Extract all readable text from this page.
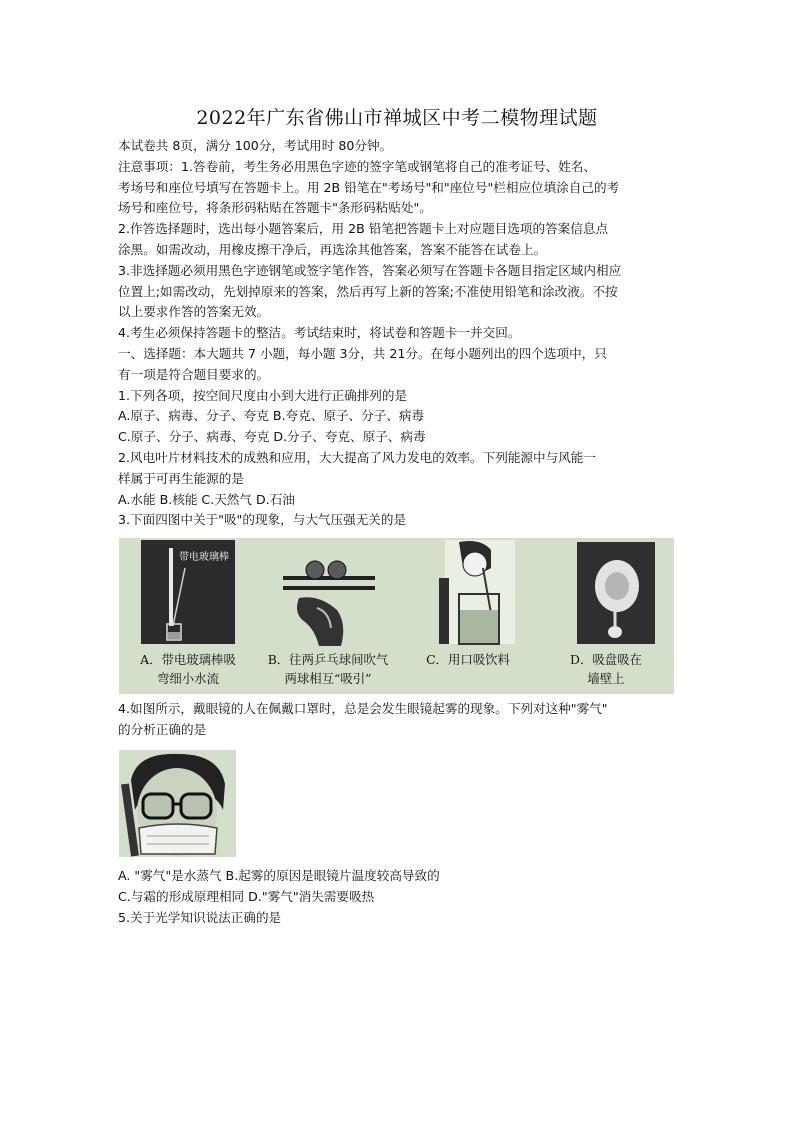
2022年广东省佛山市禅城区中考二模物理试题
本试卷共 8页，满分 100分，考试用时 80分钟。
注意事项：1.答卷前，考生务必用黑色字迹的签字笔或钢笔将自己的准考证号、姓名、
考场号和座位号填写在答题卡上。用 2B 铅笔在"考场号"和"座位号"栏相应位填涂自己的考
场号和座位号，将条形码粘贴在答题卡"条形码粘贴处"。
2.作答选择题时，选出每小题答案后，用 2B 铅笔把答题卡上对应题目选项的答案信息点
涂黑。如需改动，用橡皮擦干净后，再选涂其他答案，答案不能答在试卷上。
3.非选择题必须用黑色字迹钢笔或签字笔作答，答案必须写在答题卡各题目指定区域内相应
位置上;如需改动，先划掉原来的答案，然后再写上新的答案;不准使用铅笔和涂改液。不按
以上要求作答的答案无效。
4.考生必须保持答题卡的整洁。考试结束时，将试卷和答题卡一并交回。
一、选择题：本大题共 7 小题，每小题 3分，共 21分。在每小题列出的四个选项中，只
有一项是符合题目要求的。
1.下列各项，按空间尺度由小到大进行正确排列的是
A.原子、病毒、分子、夸克 B.夸克、原子、分子、病毒
C.原子、分子、病毒、夸克 D.分子、夸克、原子、病毒
2.风电叶片材料技术的成熟和应用，大大提高了风力发电的效率。下列能源中与风能一
样属于可再生能源的是
A.水能 B.核能 C.天然气 D.石油
3.下面四图中关于"吸"的现象，与大气压强无关的是
带电玻璃棒
A．带电玻璃棒吸
弯细小水流
B．往两乒乓球间吹气
两球相互“吸引”
C．用口吸饮料	D．吸盘吸在
墙壁上
4.如图所示，戴眼镜的人在佩戴口罩时，总是会发生眼镜起雾的现象。下列对这种"雾气"
的分析正确的是
A. "雾气"是水蒸气 B.起雾的原因是眼镜片温度较高导致的
C.与霜的形成原理相同 D."雾气"消失需要吸热
5.关于光学知识说法正确的是
